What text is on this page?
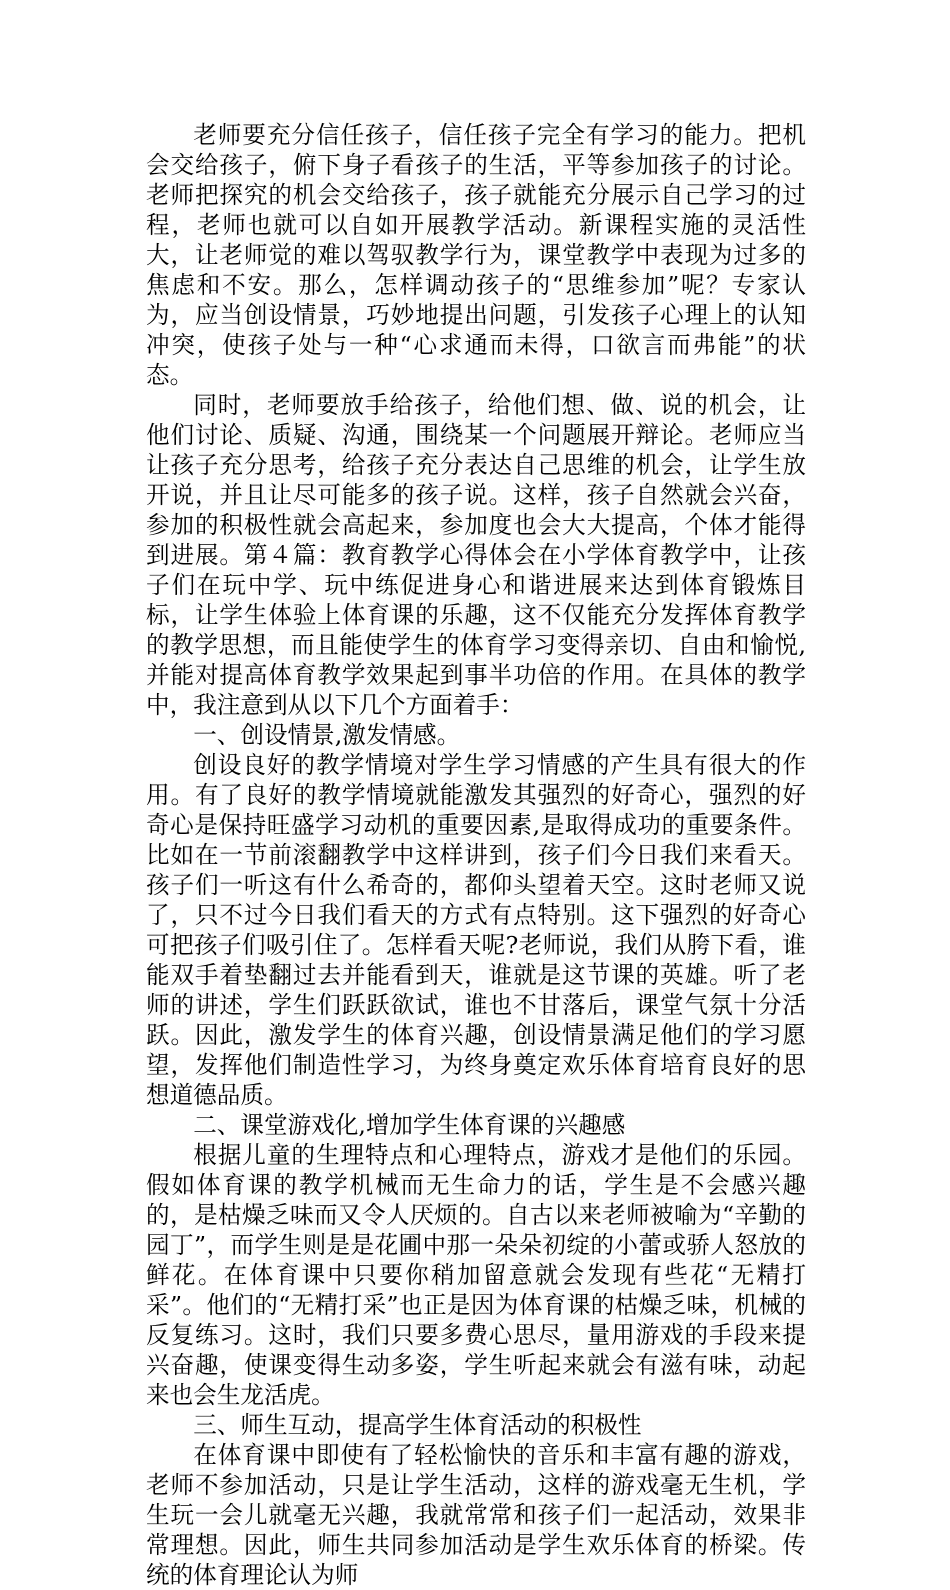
老师要充分信任孩子，信任孩子完全有学习的能力。把机会交给孩子，俯下身子看孩子的生活，平等参加孩子的讨论。老师把探究的机会交给孩子，孩子就能充分展示自己学习的过程，老师也就可以自如开展教学活动。新课程实施的灵活性大，让老师觉的难以驾驭教学行为，课堂教学中表现为过多的焦虑和不安。那么，怎样调动孩子的“思维参加”呢？专家认为，应当创设情景，巧妙地提出问题，引发孩子心理上的认知冲突，使孩子处与一种“心求通而未得，口欲言而弗能”的状态。

同时，老师要放手给孩子，给他们想、做、说的机会，让他们讨论、质疑、沟通，围绕某一个问题展开辩论。老师应当让孩子充分思考，给孩子充分表达自己思维的机会，让学生放开说，并且让尽可能多的孩子说。这样，孩子自然就会兴奋，参加的积极性就会高起来，参加度也会大大提高，个体才能得到进展。第４篇：教育教学心得体会在小学体育教学中，让孩子们在玩中学、玩中练促进身心和谐进展来达到体育锻炼目标，让学生体验上体育课的乐趣，这不仅能充分发挥体育教学的教学思想，而且能使学生的体育学习变得亲切、自由和愉悦,并能对提高体育教学效果起到事半功倍的作用。在具体的教学中，我注意到从以下几个方面着手：

一、创设情景,激发情感。

创设良好的教学情境对学生学习情感的产生具有很大的作用。有了良好的教学情境就能激发其强烈的好奇心，强烈的好奇心是保持旺盛学习动机的重要因素,是取得成功的重要条件。比如在一节前滚翻教学中这样讲到，孩子们今日我们来看天。孩子们一听这有什么希奇的，都仰头望着天空。这时老师又说了，只不过今日我们看天的方式有点特别。这下强烈的好奇心可把孩子们吸引住了。怎样看天呢?老师说，我们从胯下看，谁能双手着垫翻过去并能看到天，谁就是这节课的英雄。听了老师的讲述，学生们跃跃欲试，谁也不甘落后，课堂气氛十分活跃。因此，激发学生的体育兴趣，创设情景满足他们的学习愿望，发挥他们制造性学习，为终身奠定欢乐体育培育良好的思想道德品质。

二、课堂游戏化,增加学生体育课的兴趣感

根据儿童的生理特点和心理特点，游戏才是他们的乐园。假如体育课的教学机械而无生命力的话，学生是不会感兴趣的，是枯燥乏味而又令人厌烦的。自古以来老师被喻为“辛勤的园丁”，而学生则是是花圃中那一朵朵初绽的小蕾或骄人怒放的鲜花。在体育课中只要你稍加留意就会发现有些花“无精打采”。他们的“无精打采”也正是因为体育课的枯燥乏味，机械的反复练习。这时，我们只要多费心思尽，量用游戏的手段来提兴奋趣，使课变得生动多姿，学生听起来就会有滋有味，动起来也会生龙活虎。

三、师生互动，提高学生体育活动的积极性

在体育课中即使有了轻松愉快的音乐和丰富有趣的游戏，老师不参加活动，只是让学生活动，这样的游戏毫无生机，学生玩一会儿就毫无兴趣，我就常常和孩子们一起活动，效果非常理想。因此，师生共同参加活动是学生欢乐体育的桥梁。传统的体育理论认为师
